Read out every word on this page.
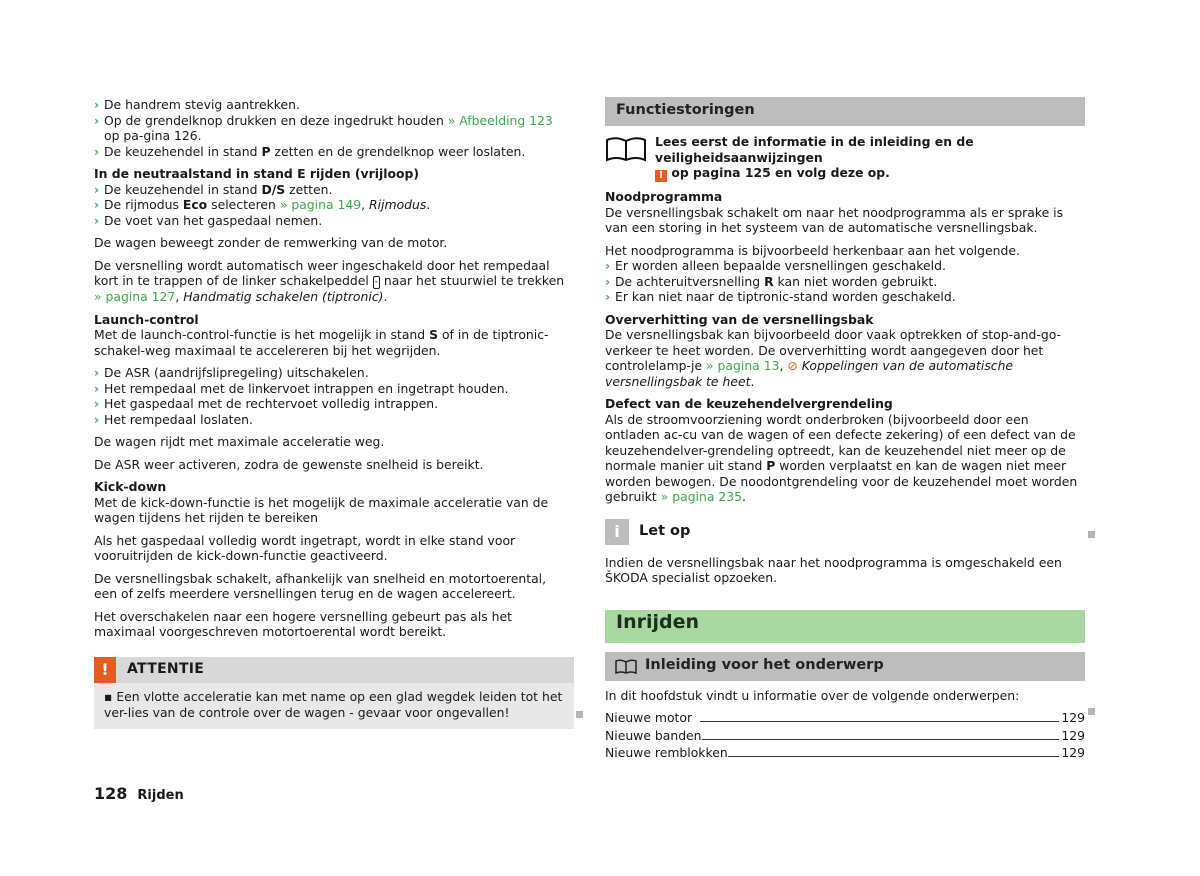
› De handrem stevig aantrekken.

› Op de grendelknop drukken en deze ingedrukt houden » Afbeelding 123 op pa-gina 126.

› De keuzehendel in stand P zetten en de grendelknop weer loslaten.

In de neutraalstand in stand E rijden (vrijloop)

› De keuzehendel in stand D/S zetten.

› De rijmodus Eco selecteren » pagina 149, Rijmodus.

› De voet van het gaspedaal nemen.

De wagen beweegt zonder de remwerking van de motor.

De versnelling wordt automatisch weer ingeschakeld door het rempedaal kort in te trappen of de linker schakelpeddel - naar het stuurwiel te trekken » pagina 127, Handmatig schakelen (tiptronic).

Launch-control

Met de launch-control-functie is het mogelijk in stand S of in de tiptronic-schakel-weg maximaal te accelereren bij het wegrijden.

› De ASR (aandrijfslipregeling) uitschakelen.

› Het rempedaal met de linkervoet intrappen en ingetrapt houden.

› Het gaspedaal met de rechtervoet volledig intrappen.

› Het rempedaal loslaten.

De wagen rijdt met maximale acceleratie weg.

De ASR weer activeren, zodra de gewenste snelheid is bereikt.

Kick-down

Met de kick-down-functie is het mogelijk de maximale acceleratie van de wagen tijdens het rijden te bereiken

Als het gaspedaal volledig wordt ingetrapt, wordt in elke stand voor vooruitrijden de kick-down-functie geactiveerd.

De versnellingsbak schakelt, afhankelijk van snelheid en motortoerental, een of zelfs meerdere versnellingen terug en de wagen accelereert.

Het overschakelen naar een hogere versnelling gebeurt pas als het maximaal voorgeschreven motortoerental wordt bereikt.

!	ATTENTIE

▪ Een vlotte acceleratie kan met name op een glad wegdek leiden tot het ver-lies van de controle over de wagen - gevaar voor ongevallen!

Functiestoringen

Lees eerst de informatie in de inleiding en de veiligheidsaanwijzingen
! op pagina 125 en volg deze op.

Noodprogramma

De versnellingsbak schakelt om naar het noodprogramma als er sprake is van een storing in het systeem van de automatische versnellingsbak.

Het noodprogramma is bijvoorbeeld herkenbaar aan het volgende.

› Er worden alleen bepaalde versnellingen geschakeld.

› De achteruitversnelling R kan niet worden gebruikt.

› Er kan niet naar de tiptronic-stand worden geschakeld.

Oververhitting van de versnellingsbak

De versnellingsbak kan bijvoorbeeld door vaak optrekken of stop-and-go-verkeer te heet worden. De oververhitting wordt aangegeven door het controlelamp-je » pagina 13, ⊘ Koppelingen van de automatische versnellingsbak te heet.

Defect van de keuzehendelvergrendeling

Als de stroomvoorziening wordt onderbroken (bijvoorbeeld door een ontladen ac-cu van de wagen of een defecte zekering) of een defect van de keuzehendelver-grendeling optreedt, kan de keuzehendel niet meer op de normale manier uit stand P worden verplaatst en kan de wagen niet meer worden bewogen. De noodontgrendeling voor de keuzehendel moet worden gebruikt » pagina 235.

i	Let op

Indien de versnellingsbak naar het noodprogramma is omgeschakeld een ŠKODA specialist opzoeken.

Inrijden
Inleiding voor het onderwerp

In dit hoofdstuk vindt u informatie over de volgende onderwerpen:

Nieuwe motor	129
Nieuwe banden	129
Nieuwe remblokken	129
128 Rijden
